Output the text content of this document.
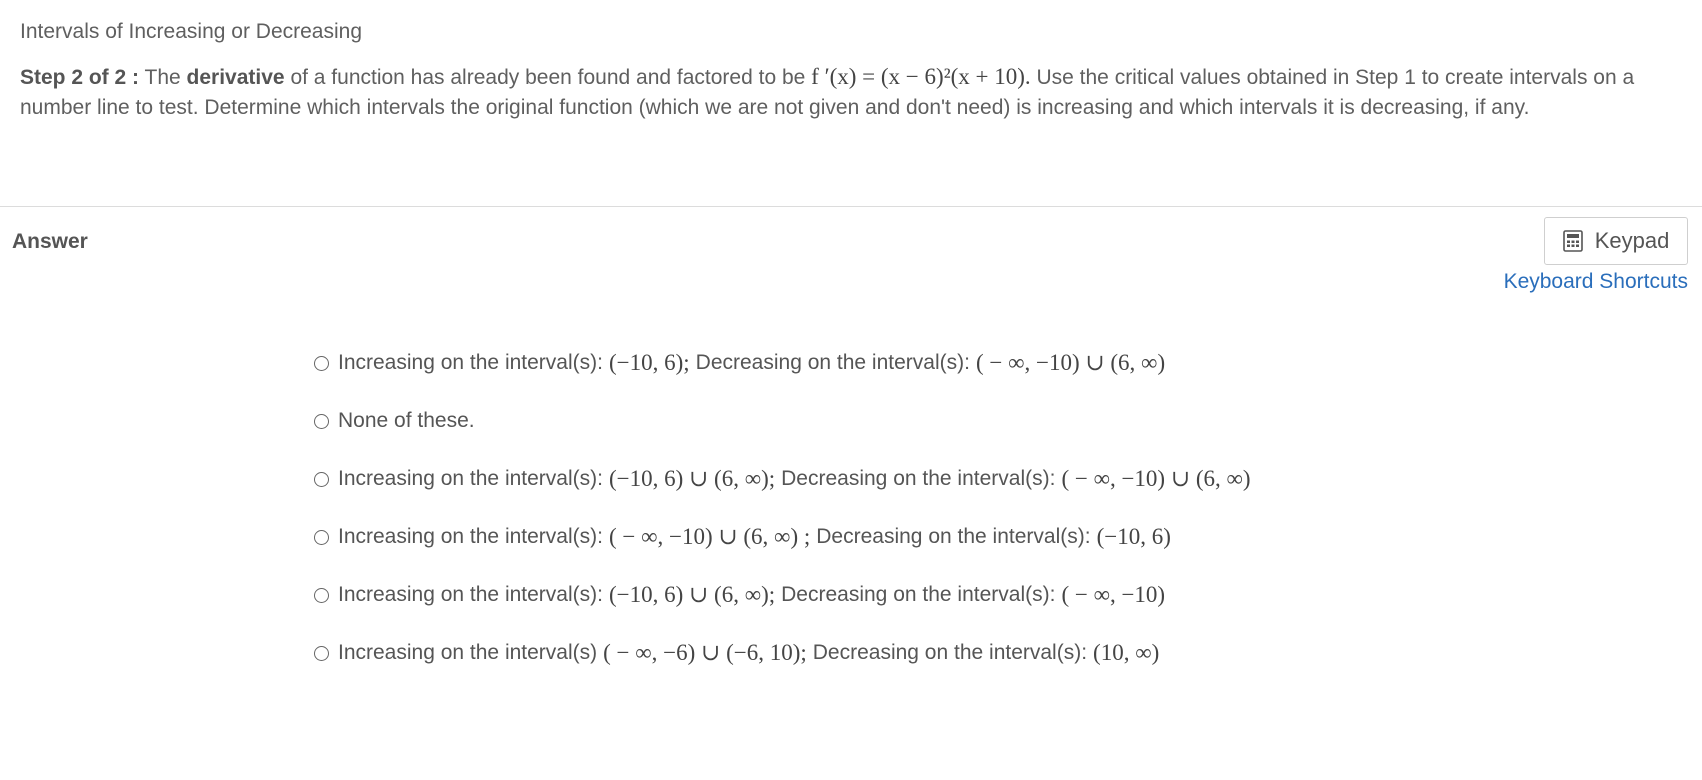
Intervals of Increasing or Decreasing
Step 2 of 2 : The derivative of a function has already been found and factored to be f ′(x) = (x − 6)²(x + 10). Use the critical values obtained in Step 1 to create intervals on a number line to test. Determine which intervals the original function (which we are not given and don't need) is increasing and which intervals it is decreasing, if any.
Answer	Keypad
Keyboard Shortcuts
Increasing on the interval(s): (−10, 6); Decreasing on the interval(s): ( − ∞, −10) ∪ (6, ∞)
None of these.
Increasing on the interval(s): (−10, 6) ∪ (6, ∞); Decreasing on the interval(s): ( − ∞, −10) ∪ (6, ∞)
Increasing on the interval(s): ( − ∞, −10) ∪ (6, ∞) ; Decreasing on the interval(s): (−10, 6)
Increasing on the interval(s): (−10, 6) ∪ (6, ∞); Decreasing on the interval(s): ( − ∞, −10)
Increasing on the interval(s) ( − ∞, −6) ∪ (−6, 10); Decreasing on the interval(s): (10, ∞)
